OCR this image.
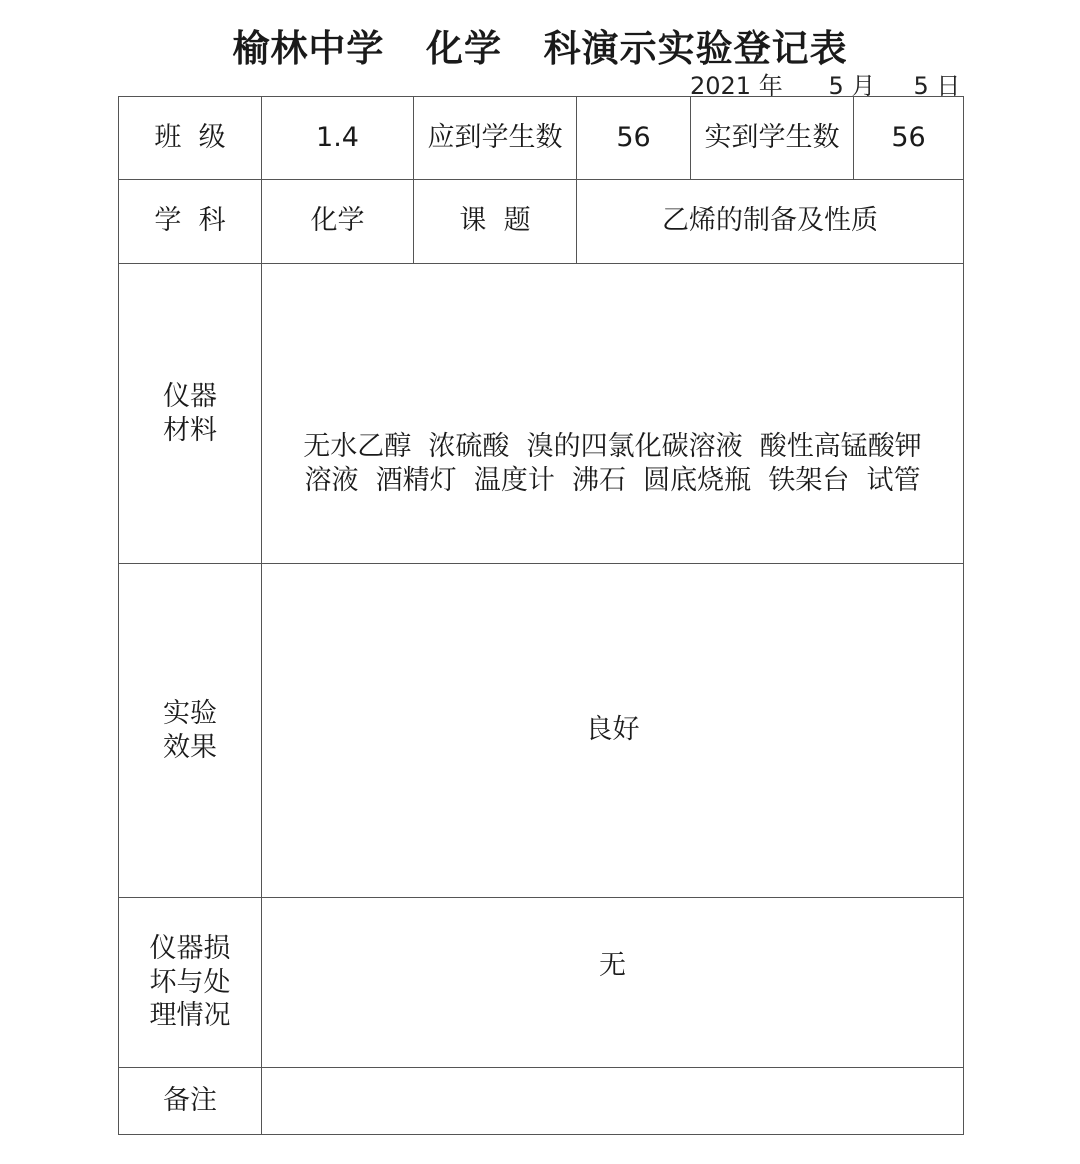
榆林中学   化学   科演示实验登记表
2021 年      5 月     5 日
班  级	1.4	应到学生数	56	实到学生数	56
学  科	化学	课  题	乙烯的制备及性质		

仪器
材料	无水乙醇  浓硫酸  溴的四氯化碳溶液  酸性高锰酸钾
溶液  酒精灯  温度计  沸石  圆底烧瓶  铁架台  试管				

实验
效果	良好				

仪器损
坏与处
理情况	无				
备注					
